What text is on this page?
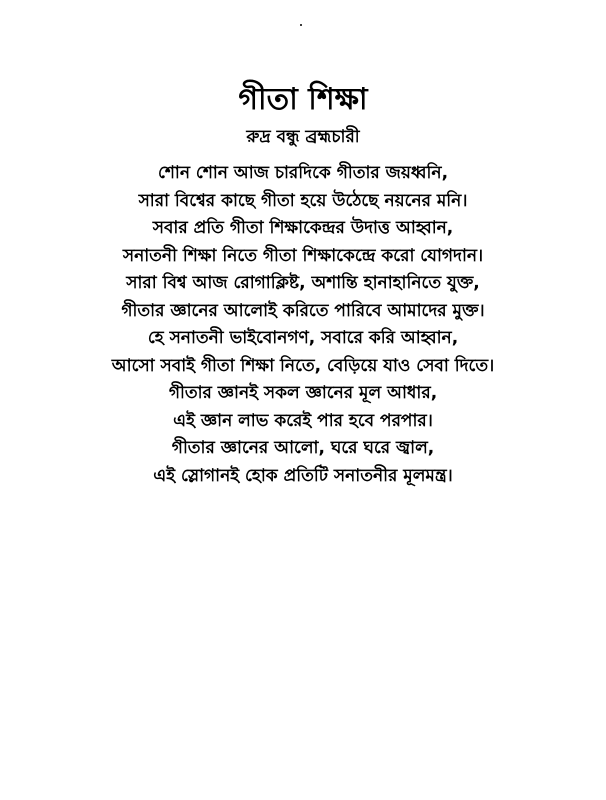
গীতা শিক্ষা
রুদ্র বন্ধু ব্রহ্মচারী
শোন শোন আজ চারদিকে গীতার জয়ধ্বনি,
সারা বিশ্বের কাছে গীতা হয়ে উঠেছে নয়নের মনি।
সবার প্রতি গীতা শিক্ষাকেন্দ্রর উদাত্ত আহ্বান,
সনাতনী শিক্ষা নিতে গীতা শিক্ষাকেন্দ্রে করো যোগদান।
সারা বিশ্ব আজ রোগাক্লিষ্ট, অশান্তি হানাহানিতে যুক্ত,
গীতার জ্ঞানের আলোই করিতে পারিবে আমাদের মুক্ত।
হে সনাতনী ভাইবোনগণ, সবারে করি আহ্বান,
আসো সবাই গীতা শিক্ষা নিতে, বেড়িয়ে যাও সেবা দিতে।
গীতার জ্ঞানই সকল জ্ঞানের মূল আধার,
এই জ্ঞান লাভ করেই পার হবে পরপার।
গীতার জ্ঞানের আলো, ঘরে ঘরে জ্বাল,
এই স্লোগানই হোক প্রতিটি সনাতনীর মূলমন্ত্র।
